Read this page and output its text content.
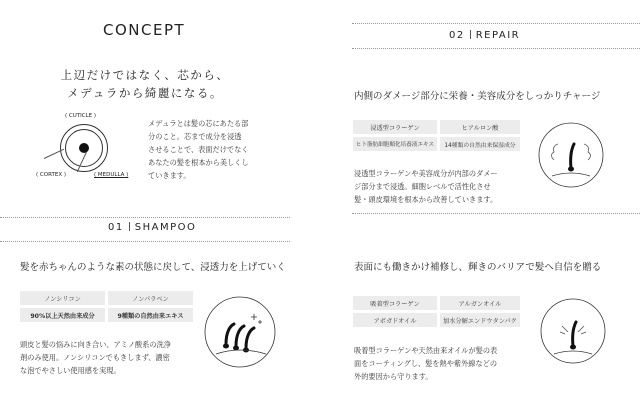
CONCEPT
上辺だけではなく、芯から、
メデュラから綺麗になる。
( CUTICLE )
( CORTEX )	( MEDULLA )
メデュラとは髪の芯にあたる部
分のこと。芯まで成分を浸透
させることで、表面だけでなく
あなたの髪を根本から美しくし
ていきます。
01 SHAMPOO
髪を赤ちゃんのような素の状態に戻して、浸透力を上げていく
ノンシリコン	ノンパラベン
90%以上天然由来成分	9種類の自然由来エキス
頭皮と髪の悩みに向き合い、アミノ酸系の洗浄
剤のみ使用。ノンシリコンでもきしまず、濃密
な泡でやさしい使用感を実現。
02 REPAIR
内側のダメージ部分に栄養・美容成分をしっかりチャージ
浸透型コラーゲン	ヒアルロン酸
ヒト脂肪細胞順化培養液エキス	14種類の自然由来保湿成分
浸透型コラーゲンや美容成分が内部のダメー
ジ部分まで浸透。細胞レベルで活性化させ
髪・頭皮環境を根本から改善していきます。
表面にも働きかけ補修し、輝きのバリアで髪へ自信を贈る
吸着型コラーゲン	アルガンオイル
アボガドオイル	加水分解エンドウタンパク
吸着型コラーゲンや天然由来オイルが髪の表
面をコーティングし、髪を熱や紫外線などの
外的要因から守ります。
